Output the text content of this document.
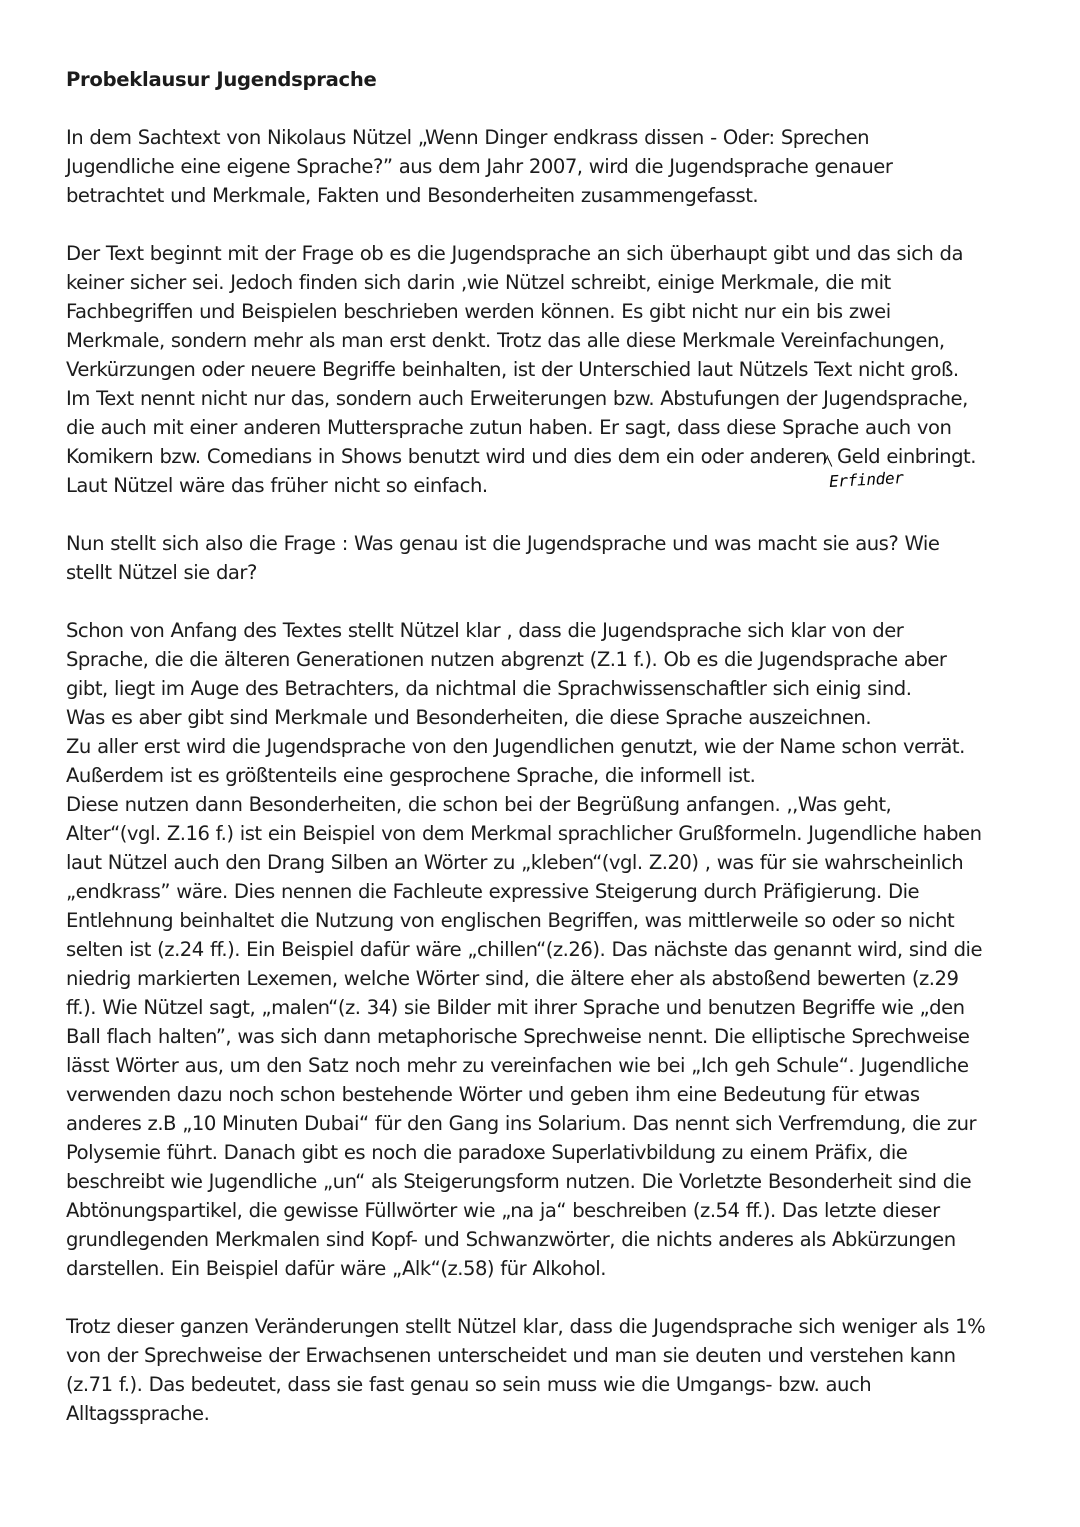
Probeklausur Jugendsprache
In dem Sachtext von Nikolaus Nützel „Wenn Dinger endkrass dissen - Oder: Sprechen
Jugendliche eine eigene Sprache?” aus dem Jahr 2007, wird die Jugendsprache genauer
betrachtet und Merkmale, Fakten und Besonderheiten zusammengefasst.
Der Text beginnt mit der Frage ob es die Jugendsprache an sich überhaupt gibt und das sich da
keiner sicher sei. Jedoch finden sich darin ,wie Nützel schreibt, einige Merkmale, die mit
Fachbegriffen und Beispielen beschrieben werden können. Es gibt nicht nur ein bis zwei
Merkmale, sondern mehr als man erst denkt. Trotz das alle diese Merkmale Vereinfachungen,
Verkürzungen oder neuere Begriffe beinhalten, ist der Unterschied laut Nützels Text nicht groß.
Im Text nennt nicht nur das, sondern auch Erweiterungen bzw. Abstufungen der Jugendsprache,
die auch mit einer anderen Muttersprache zutun haben. Er sagt, dass diese Sprache auch von
Komikern bzw. Comedians in Shows benutzt wird und dies dem ein oder anderen Geld einbringt.
Laut Nützel wäre das früher nicht so einfach.
Nun stellt sich also die Frage : Was genau ist die Jugendsprache und was macht sie aus? Wie
stellt Nützel sie dar?
Schon von Anfang des Textes stellt Nützel klar , dass die Jugendsprache sich klar von der
Sprache, die die älteren Generationen nutzen abgrenzt (Z.1 f.). Ob es die Jugendsprache aber
gibt, liegt im Auge des Betrachters, da nichtmal die Sprachwissenschaftler sich einig sind.
Was es aber gibt sind Merkmale und Besonderheiten, die diese Sprache auszeichnen.
Zu aller erst wird die Jugendsprache von den Jugendlichen genutzt, wie der Name schon verrät.
Außerdem ist es größtenteils eine gesprochene Sprache, die informell ist.
Diese nutzen dann Besonderheiten, die schon bei der Begrüßung anfangen. ,,Was geht,
Alter“(vgl. Z.16 f.) ist ein Beispiel von dem Merkmal sprachlicher Grußformeln. Jugendliche haben
laut Nützel auch den Drang Silben an Wörter zu „kleben“(vgl. Z.20) , was für sie wahrscheinlich
„endkrass” wäre. Dies nennen die Fachleute expressive Steigerung durch Präfigierung. Die
Entlehnung beinhaltet die Nutzung von englischen Begriffen, was mittlerweile so oder so nicht
selten ist (z.24 ff.). Ein Beispiel dafür wäre „chillen“(z.26). Das nächste das genannt wird, sind die
niedrig markierten Lexemen, welche Wörter sind, die ältere eher als abstoßend bewerten (z.29
ff.). Wie Nützel sagt, „malen“(z. 34) sie Bilder mit ihrer Sprache und benutzen Begriffe wie „den
Ball flach halten”, was sich dann metaphorische Sprechweise nennt. Die elliptische Sprechweise
lässt Wörter aus, um den Satz noch mehr zu vereinfachen wie bei „Ich geh Schule“. Jugendliche
verwenden dazu noch schon bestehende Wörter und geben ihm eine Bedeutung für etwas
anderes z.B „10 Minuten Dubai“ für den Gang ins Solarium. Das nennt sich Verfremdung, die zur
Polysemie führt. Danach gibt es noch die paradoxe Superlativbildung zu einem Präfix, die
beschreibt wie Jugendliche „un“ als Steigerungsform nutzen. Die Vorletzte Besonderheit sind die
Abtönungspartikel, die gewisse Füllwörter wie „na ja“ beschreiben (z.54 ff.). Das letzte dieser
grundlegenden Merkmalen sind Kopf- und Schwanzwörter, die nichts anderes als Abkürzungen
darstellen. Ein Beispiel dafür wäre „Alk“(z.58) für Alkohol.
Trotz dieser ganzen Veränderungen stellt Nützel klar, dass die Jugendsprache sich weniger als 1%
von der Sprechweise der Erwachsenen unterscheidet und man sie deuten und verstehen kann
(z.71 f.). Das bedeutet, dass sie fast genau so sein muss wie die Umgangs- bzw. auch
Alltagssprache.
Erfinder
